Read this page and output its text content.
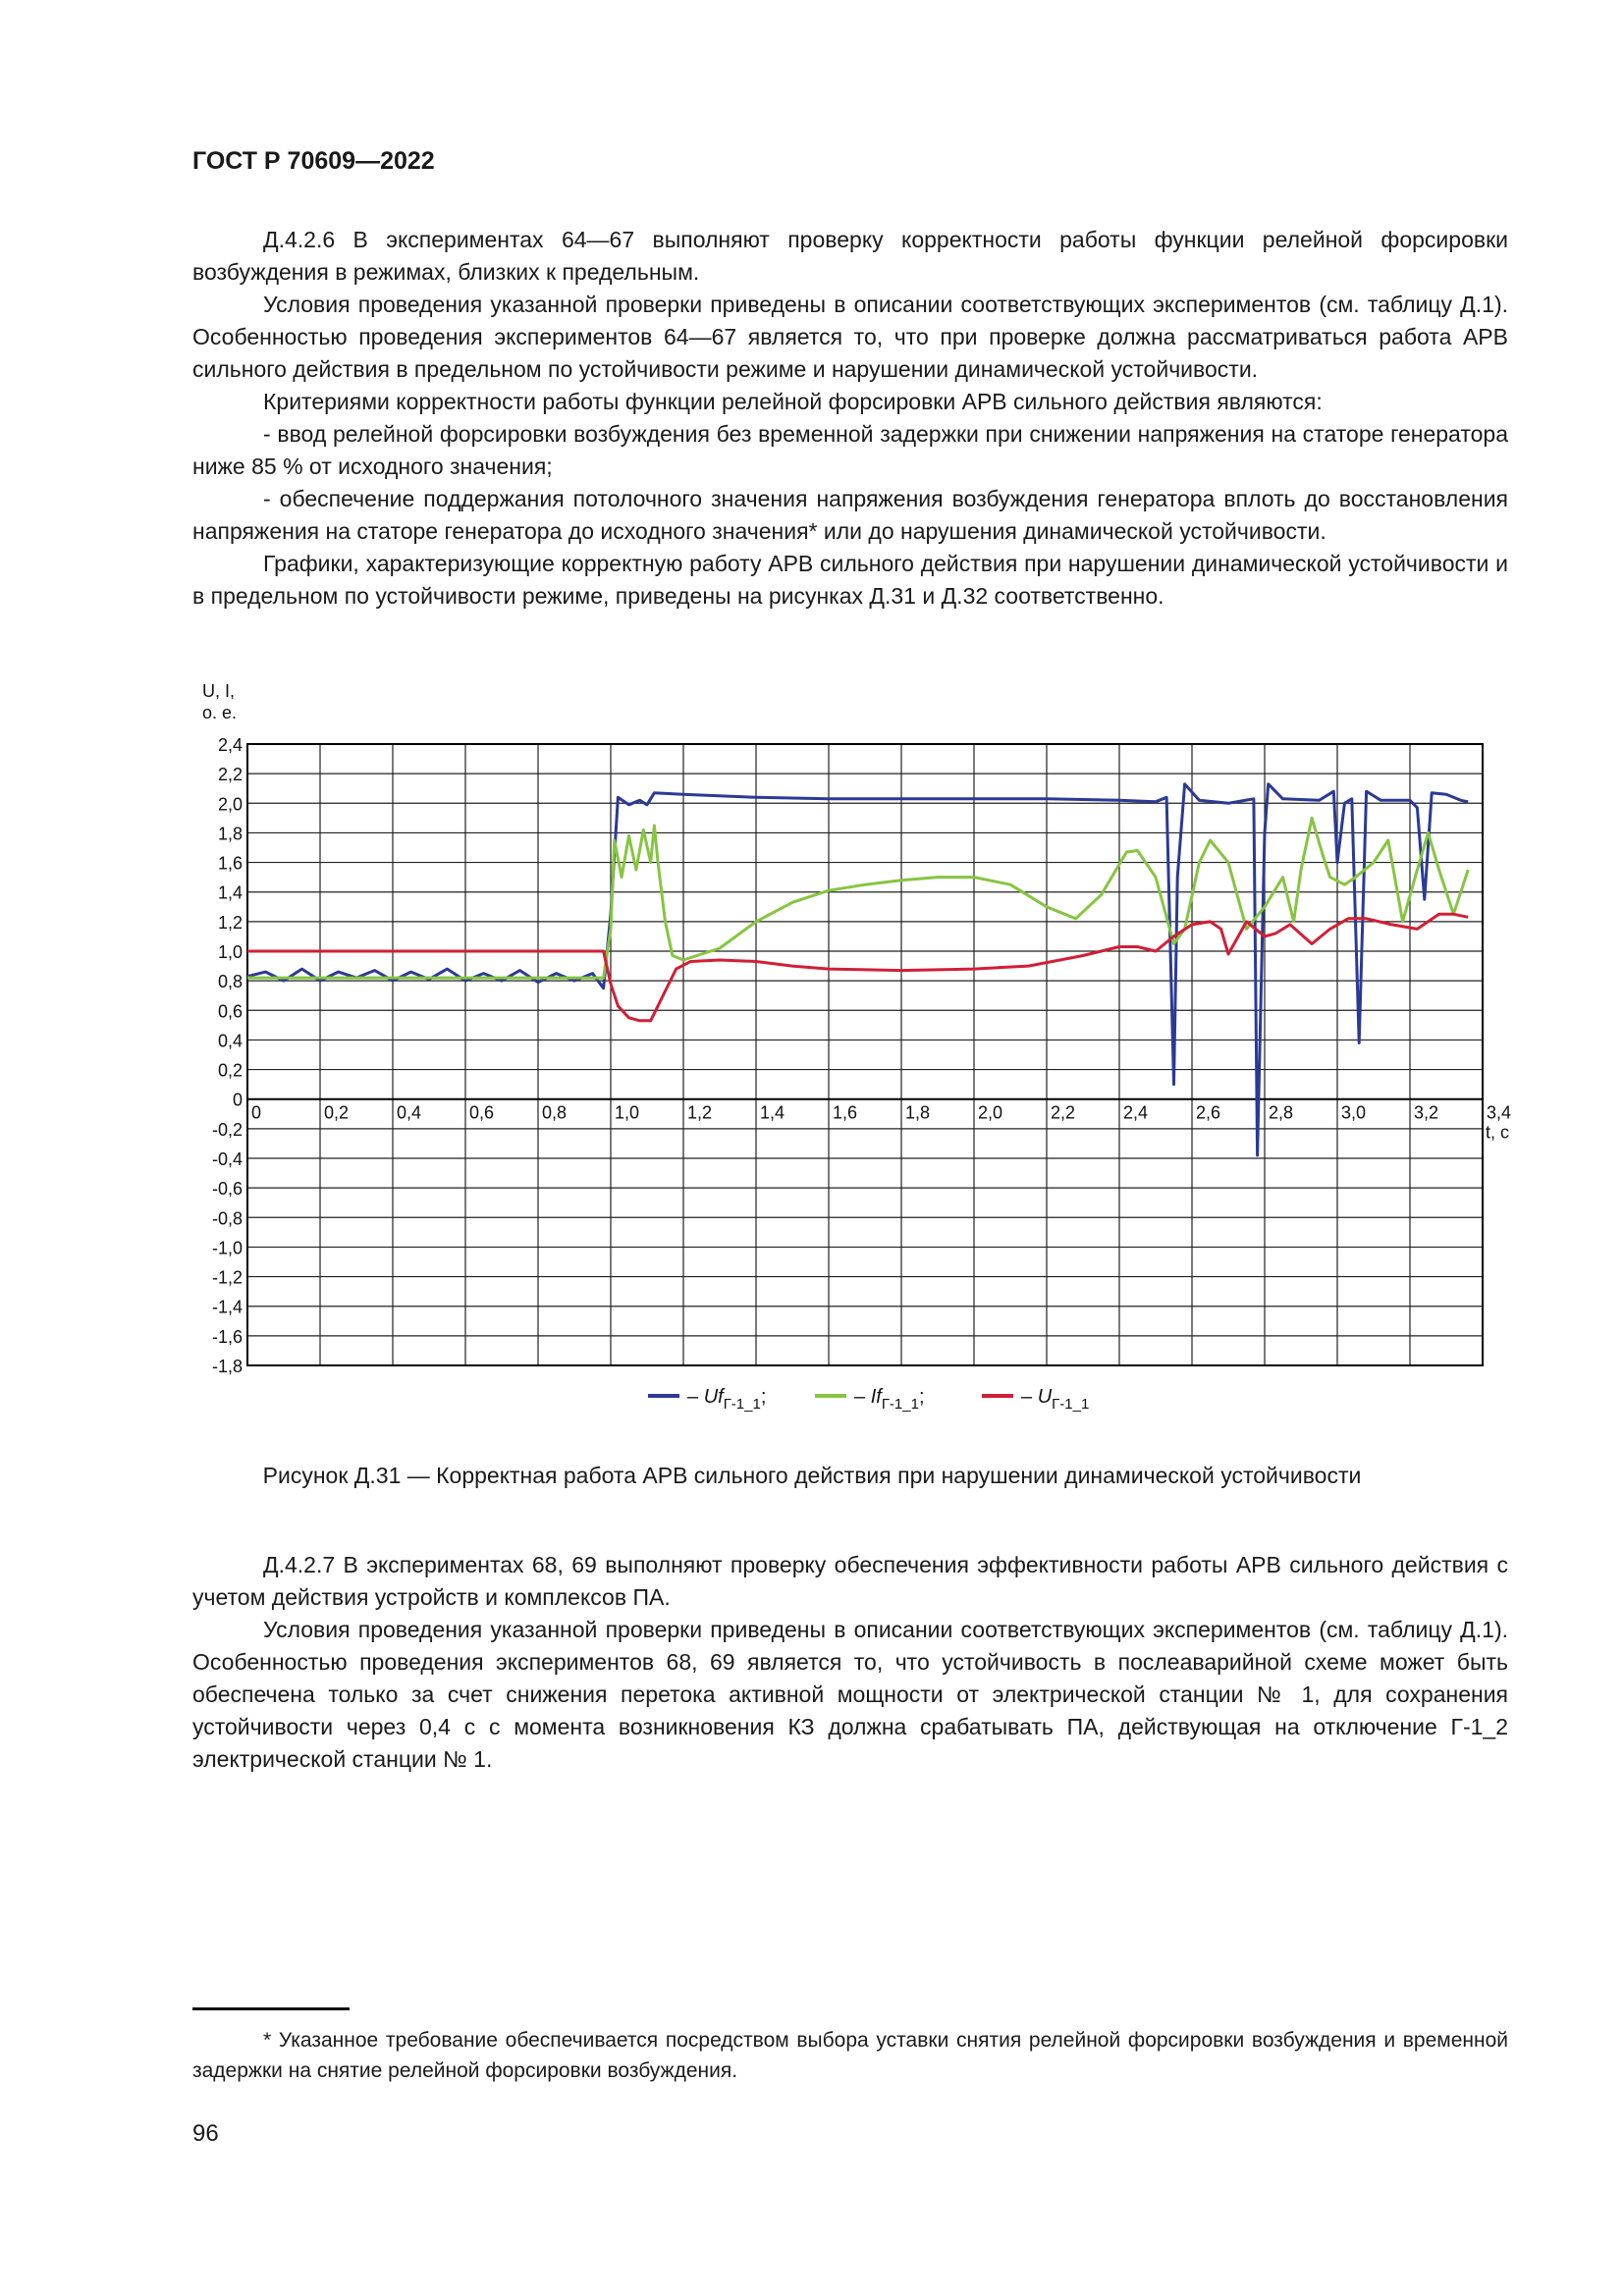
ГОСТ Р 70609—2022

Д.4.2.6 В экспериментах 64—67 выполняют проверку корректности работы функции релейной форсировки возбуждения в режимах, близких к предельным.

Условия проведения указанной проверки приведены в описании соответствующих экспериментов (см. таблицу Д.1). Особенностью проведения экспериментов 64—67 является то, что при проверке должна рассматриваться работа АРВ сильного действия в предельном по устойчивости режиме и нарушении динамической устойчивости.

Критериями корректности работы функции релейной форсировки АРВ сильного действия являются:

- ввод релейной форсировки возбуждения без временной задержки при снижении напряжения на статоре генератора ниже 85 % от исходного значения;

- обеспечение поддержания потолочного значения напряжения возбуждения генератора вплоть до восстановления напряжения на статоре генератора до исходного значения* или до нарушения динамической устойчивости.

Графики, характеризующие корректную работу АРВ сильного действия при нарушении динамической устойчивости и в предельном по устойчивости режиме, приведены на рисунках Д.31 и Д.32 соответственно.

2,4
2,2
2,0
1,8
1,6
1,4
1,2
1,0
0,8
0,6
0,4
0,2
0
-0,2
-0,4
-0,6
-0,8
-1,0
-1,2
-1,4
-1,6
-1,8
0	0,2	0,4	0,6	0,8	1,0	1,2	1,4	1,6	1,8	2,0	2,2	2,4	2,6	2,8	3,0	3,2	3,4
t, с
U, I,
о. е.
– $Uf_{Г-1\_1}$;	– $If_{Г-1\_1}$;	– $U_{Г-1\_1}$
Рисунок Д.31 — Корректная работа АРВ сильного действия при нарушении динамической устойчивости

Д.4.2.7 В экспериментах 68, 69 выполняют проверку обеспечения эффективности работы АРВ сильного действия с учетом действия устройств и комплексов ПА.

Условия проведения указанной проверки приведены в описании соответствующих экспериментов (см. таблицу Д.1). Особенностью проведения экспериментов 68, 69 является то, что устойчивость в послеаварийной схеме может быть обеспечена только за счет снижения перетока активной мощности от электрической станции № 1, для сохранения устойчивости через 0,4 с с момента возникновения КЗ должна срабатывать ПА, действующая на отключение Г-1_2 электрической станции № 1.

* Указанное требование обеспечивается посредством выбора уставки снятия релейной форсировки возбуждения и временной задержки на снятие релейной форсировки возбуждения.
96
